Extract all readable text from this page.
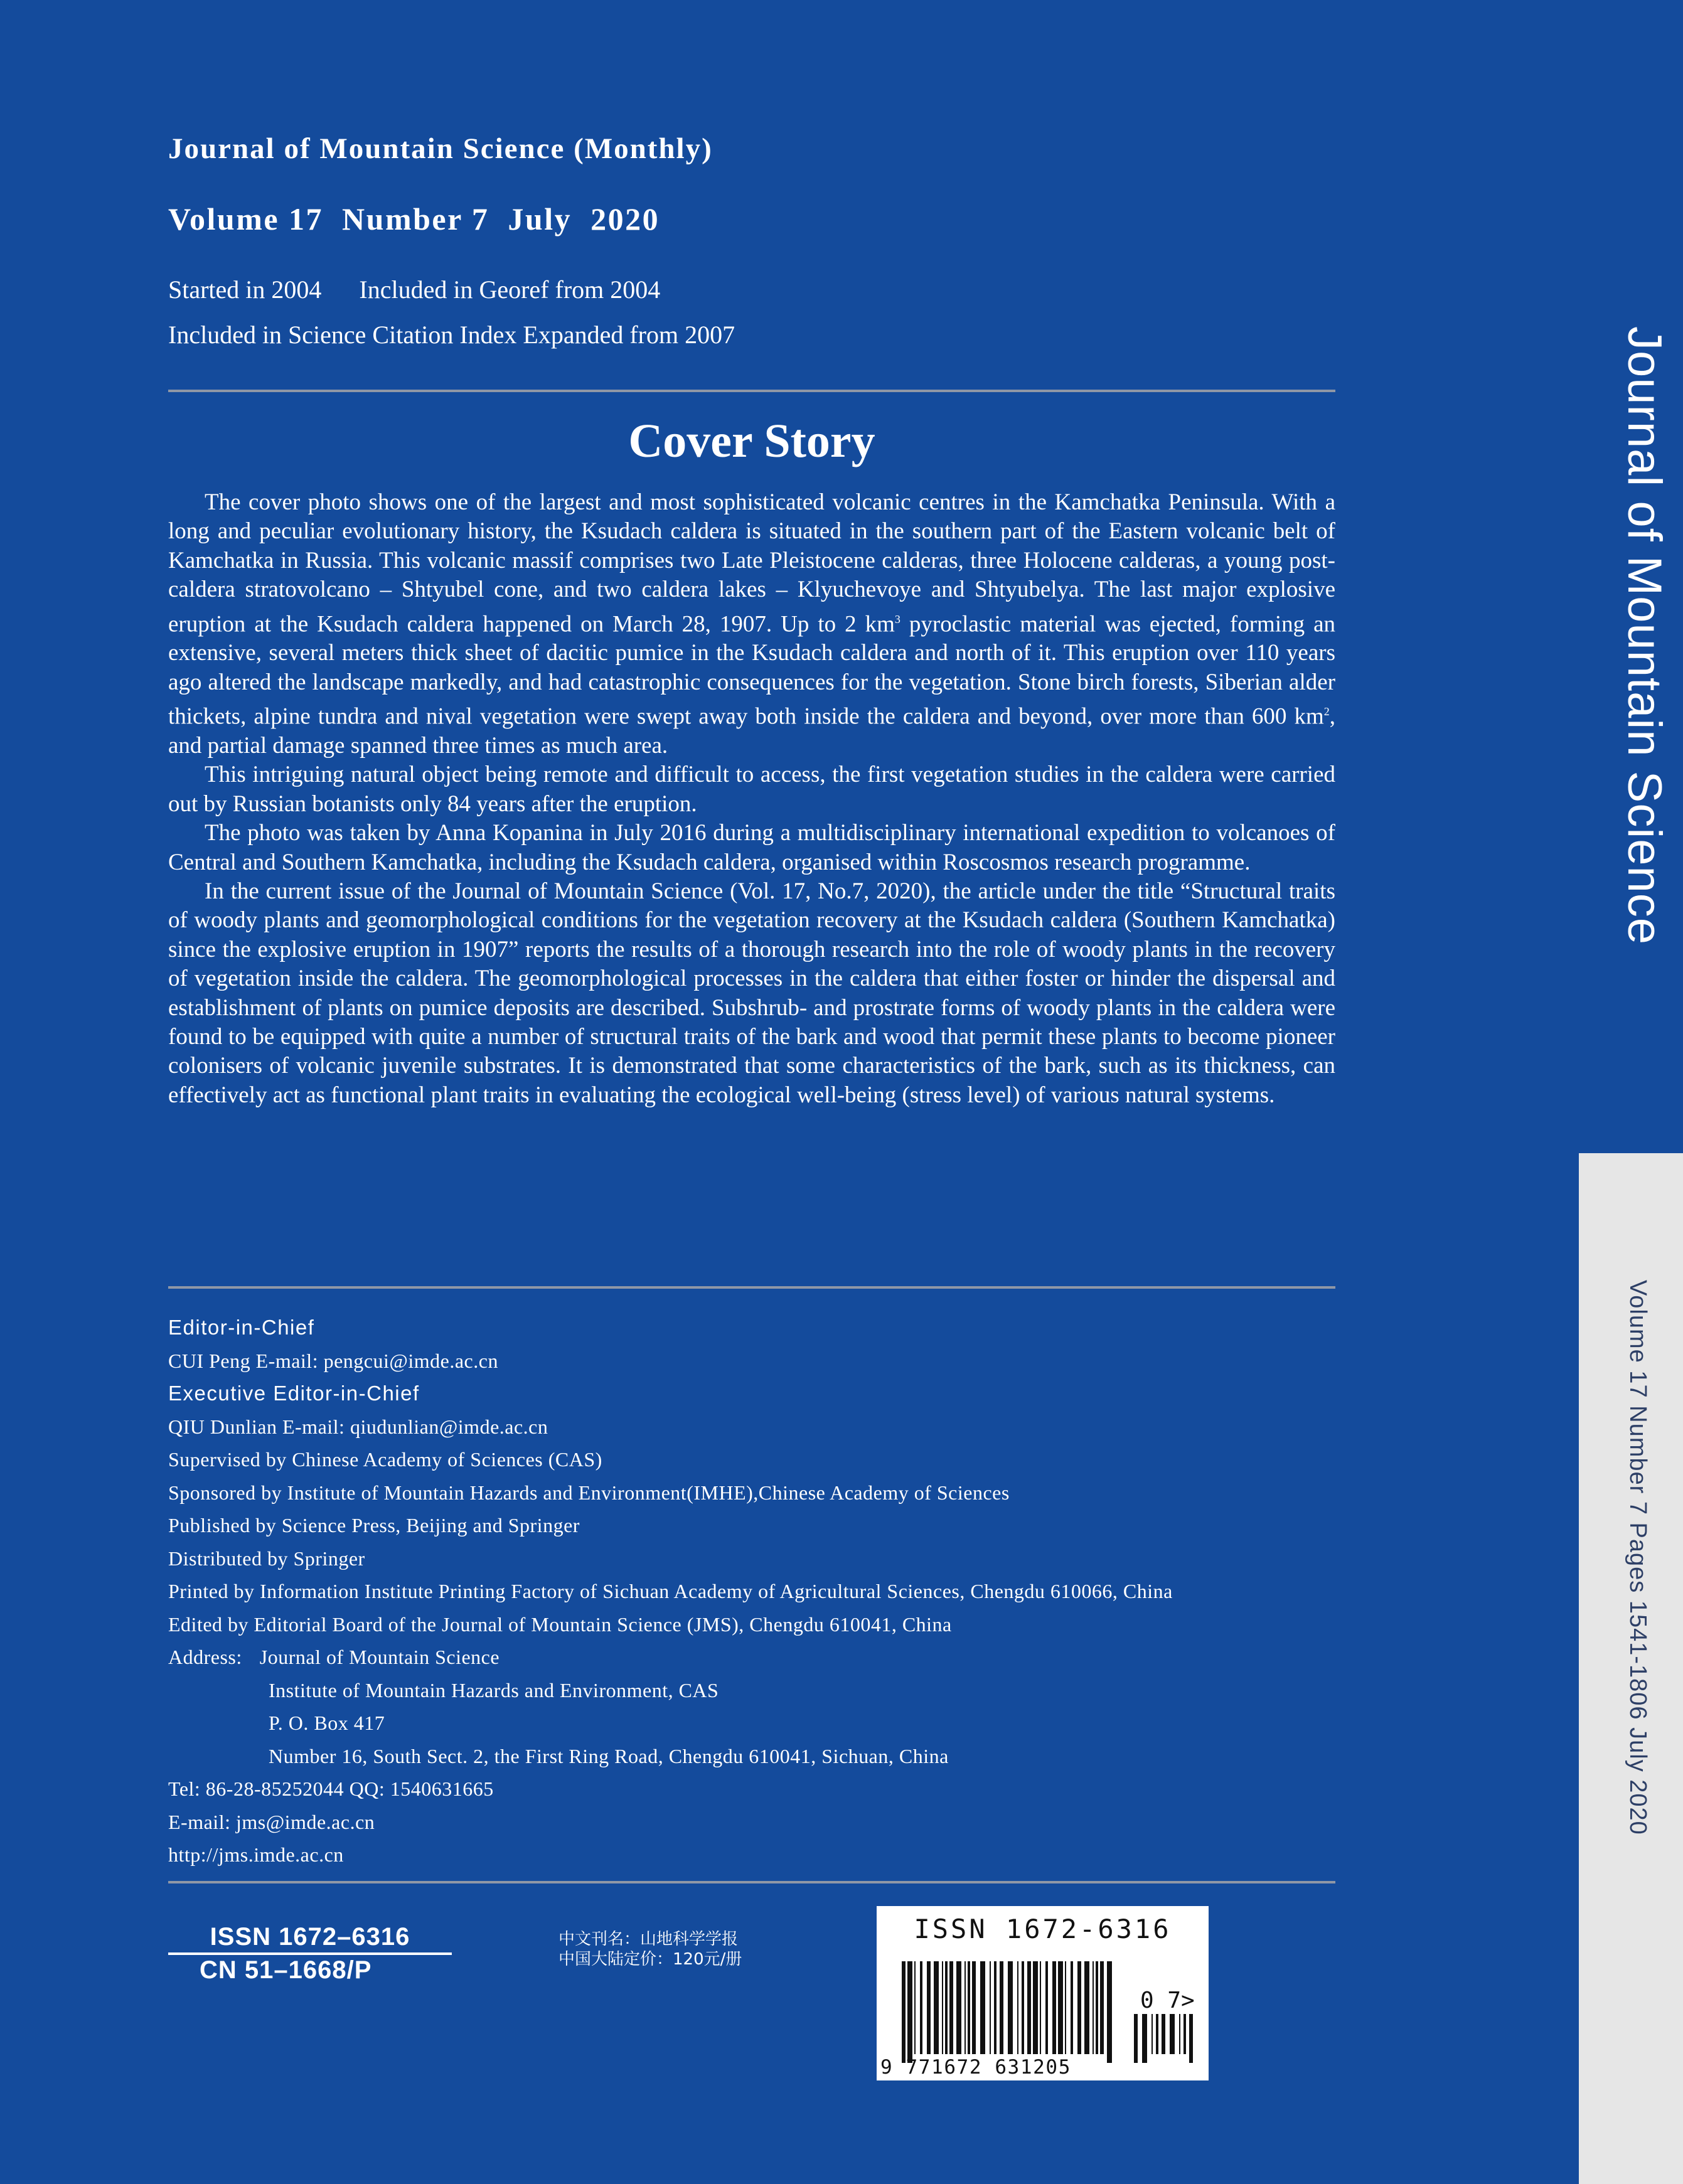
Journal of Mountain Science (Monthly)
Volume 17  Number 7  July  2020
Started in 2004      Included in Georef from 2004
Included in Science Citation Index Expanded from 2007
Cover Story

The cover photo shows one of the largest and most sophisticated volcanic centres in the Kamchatka Peninsula. With a long and peculiar evolutionary history, the Ksudach caldera is situated in the southern part of the Eastern volcanic belt of Kamchatka in Russia. This volcanic massif comprises two Late Pleistocene calderas, three Holocene calderas, a young post-caldera stratovolcano – Shtyubel cone, and two caldera lakes – Klyuchevoye and Shtyubelya. The last major explosive eruption at the Ksudach caldera happened on March 28, 1907. Up to 2 $km^3$ pyroclastic material was ejected, forming an extensive, several meters thick sheet of dacitic pumice in the Ksudach caldera and north of it. This eruption over 110 years ago altered the landscape markedly, and had catastrophic consequences for the vegetation. Stone birch forests, Siberian alder thickets, alpine tundra and nival vegetation were swept away both inside the caldera and beyond, over more than 600 $km^2$, and partial damage spanned three times as much area.

This intriguing natural object being remote and difficult to access, the first vegetation studies in the caldera were carried out by Russian botanists only 84 years after the eruption.

The photo was taken by Anna Kopanina in July 2016 during a multidisciplinary international expedition to volcanoes of Central and Southern Kamchatka, including the Ksudach caldera, organised within Roscosmos research programme.

In the current issue of the Journal of Mountain Science (Vol. 17, No.7, 2020), the article under the title “Structural traits of woody plants and geomorphological conditions for the vegetation recovery at the Ksudach caldera (Southern Kamchatka) since the explosive eruption in 1907” reports the results of a thorough research into the role of woody plants in the recovery of vegetation inside the caldera. The geomorphological processes in the caldera that either foster or hinder the dispersal and establishment of plants on pumice deposits are described. Subshrub- and prostrate forms of woody plants in the caldera were found to be equipped with quite a number of structural traits of the bark and wood that permit these plants to become pioneer colonisers of volcanic juvenile substrates. It is demonstrated that some characteristics of the bark, such as its thickness, can effectively act as functional plant traits in evaluating the ecological well-being (stress level) of various natural systems.

Editor-in-Chief
CUI Peng E-mail: pengcui@imde.ac.cn
Executive Editor-in-Chief
QIU Dunlian E-mail: qiudunlian@imde.ac.cn
Supervised by Chinese Academy of Sciences (CAS)
Sponsored by Institute of Mountain Hazards and Environment(IMHE),Chinese Academy of Sciences
Published by Science Press, Beijing and Springer
Distributed by Springer
Printed by Information Institute Printing Factory of Sichuan Academy of Agricultural Sciences, Chengdu 610066, China
Edited by Editorial Board of the Journal of Mountain Science (JMS), Chengdu 610041, China
Address: Journal of Mountain Science
Institute of Mountain Hazards and Environment, CAS
P. O. Box 417
Number 16, South Sect. 2, the First Ring Road, Chengdu 610041, Sichuan, China
Tel: 86-28-85252044 QQ: 1540631665
E-mail: jms@imde.ac.cn
http://jms.imde.ac.cn
ISSN 1672–6316
CN 51–1668/P
中文刊名：山地科学学报
中国大陆定价：120元/册
ISSN 1672-6316
0 7>
9 771672 631205
Journal of Mountain Science
Volume 17 Number 7 Pages 1541-1806 July 2020
